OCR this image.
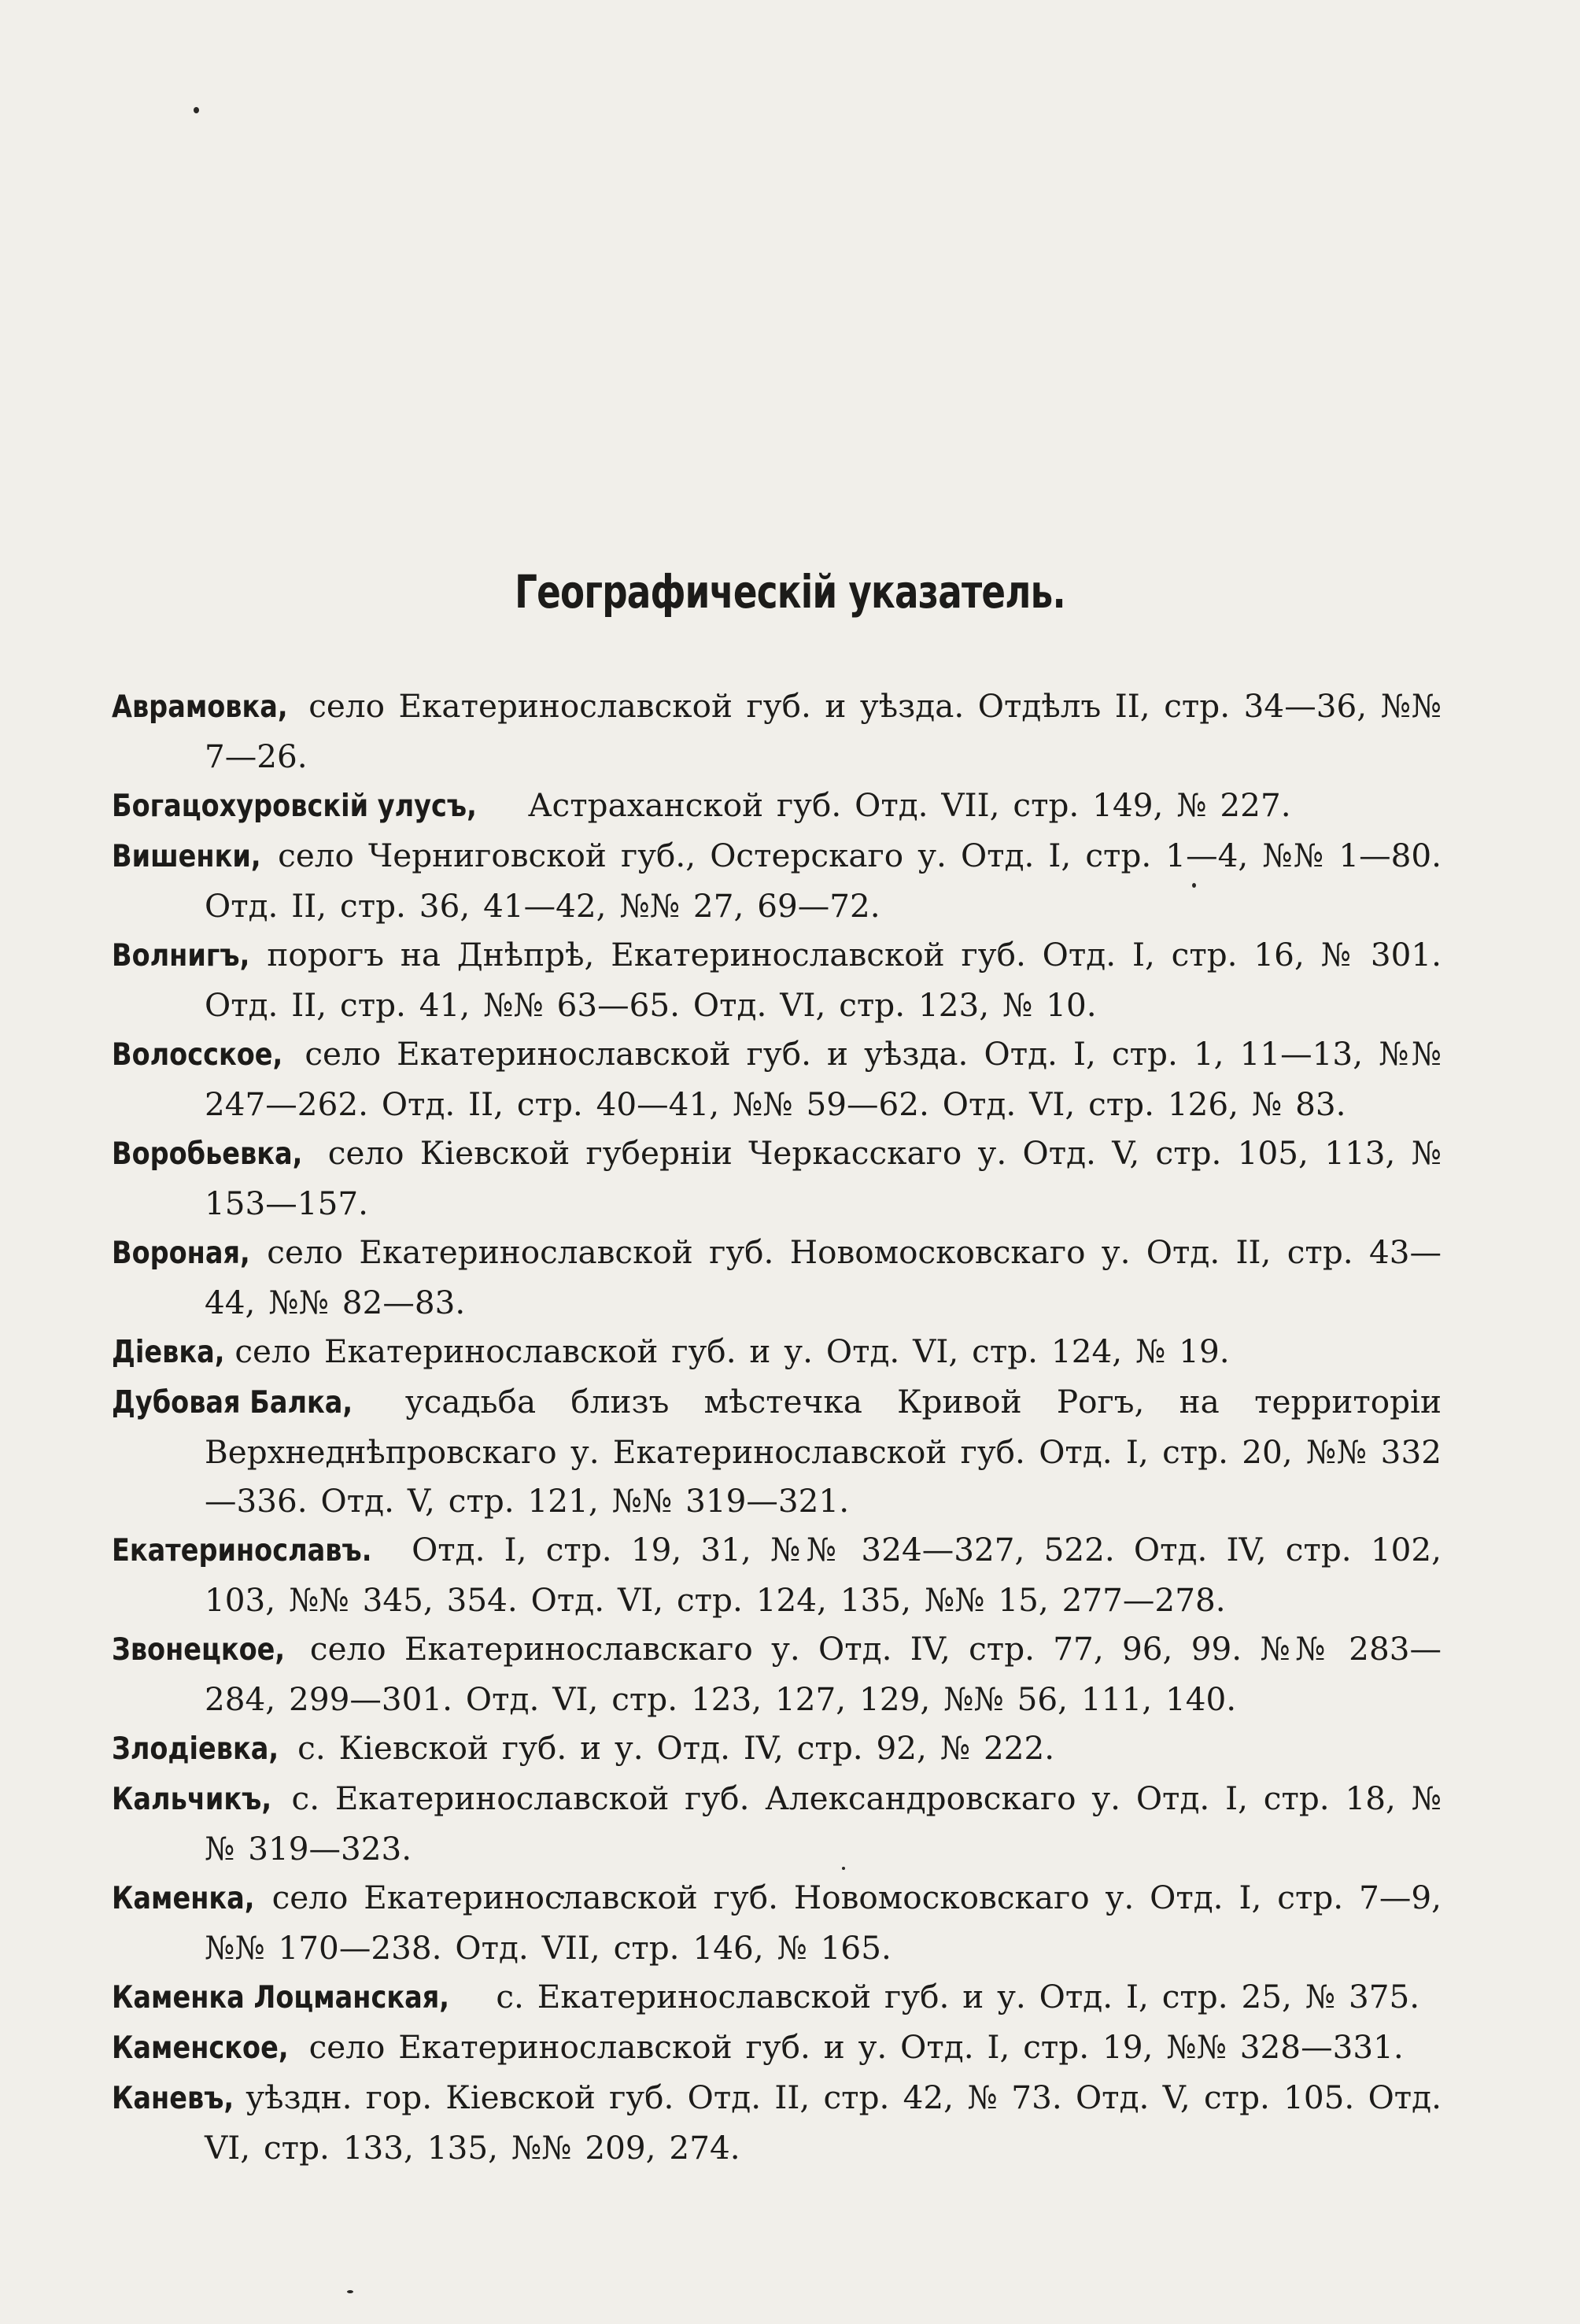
Географическій указатель.
Аврамовка, село Екатеринославской губ. и уѣзда. Отдѣлъ II, стр. 34—36, №№ 7—26.
Богацохуровскій улусъ, Астраханской губ. Отд. VII, стр. 149, № 227.
Вишенки, село Черниговской губ., Остерскаго у. Отд. I, стр. 1—4, №№ 1—80. Отд. II, стр. 36, 41—42, №№ 27, 69—72.
Волнигъ, порогъ на Днѣпрѣ, Екатеринославской губ. Отд. I, стр. 16, № 301. Отд. II, стр. 41, №№ 63—65. Отд. VI, стр. 123, № 10.
Волосское, село Екатеринославской губ. и уѣзда. Отд. I, стр. 1, 11—13, №№ 247—262. Отд. II, стр. 40—41, №№ 59—62. Отд. VI, стр. 126, № 83.
Воробьевка, село Кіевской губерніи Черкасскаго у. Отд. V, стр. 105, 113, № 153—157.
Вороная, село Екатеринославской губ. Новомосковскаго у. Отд. II, стр. 43—44, №№ 82—83.
Діевка, село Екатеринославской губ. и у. Отд. VI, стр. 124, № 19.
Дубовая Балка, усадьба близъ мѣстечка Кривой Рогъ, на территоріи Верхнеднѣпровскаго у. Екатеринославской губ. Отд. I, стр. 20, №№ 332—336. Отд. V, стр. 121, №№ 319—321.
Екатеринославъ. Отд. I, стр. 19, 31, №№ 324—327, 522. Отд. IV, стр. 102, 103, №№ 345, 354. Отд. VI, стр. 124, 135, №№ 15, 277—278.
Звонецкое, село Екатеринославскаго у. Отд. IV, стр. 77, 96, 99. №№ 283—284, 299—301. Отд. VI, стр. 123, 127, 129, №№ 56, 111, 140.
Злодіевка, с. Кіевской губ. и у. Отд. IV, стр. 92, № 222.
Кальчикъ, с. Екатеринославской губ. Александровскаго у. Отд. I, стр. 18, №№ 319—323.
Каменка, село Екатеринославской губ. Новомосковскаго у. Отд. I, стр. 7—9, №№ 170—238. Отд. VII, стр. 146, № 165.
Каменка Лоцманская, с. Екатеринославской губ. и у. Отд. I, стр. 25, № 375.
Каменское, село Екатеринославской губ. и у. Отд. I, стр. 19, №№ 328—331.
Каневъ, уѣздн. гор. Кіевской губ. Отд. II, стр. 42, № 73. Отд. V, стр. 105. Отд. VI, стр. 133, 135, №№ 209, 274.
